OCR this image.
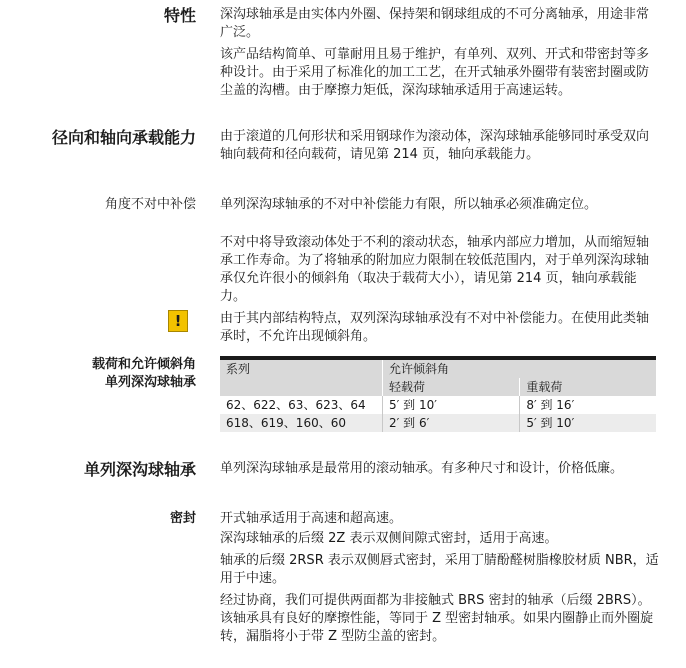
特性 深沟球轴承是由实体内外圈、保持架和钢球组成的不可分离轴承，用途非常广泛。

该产品结构简单、可靠耐用且易于维护，有单列、双列、开式和带密封等多种设计。由于采用了标准化的加工工艺，在开式轴承外圈带有装密封圈或防尘盖的沟槽。由于摩擦力矩低，深沟球轴承适用于高速运转。

径向和轴向承载能力 由于滚道的几何形状和采用钢球作为滚动体，深沟球轴承能够同时承受双向轴向载荷和径向载荷，请见第 214 页，轴向承载能力。

角度不对中补偿 单列深沟球轴承的不对中补偿能力有限，所以轴承必须准确定位。

不对中将导致滚动体处于不利的滚动状态，轴承内部应力增加，从而缩短轴承工作寿命。为了将轴承的附加应力限制在较低范围内，对于单列深沟球轴承仅允许很小的倾斜角（取决于载荷大小），请见第 214 页，轴向承载能力。

!	由于其内部结构特点，双列深沟球轴承没有不对中补偿能力。在使用此类轴承时，不允许出现倾斜角。

载荷和允许倾斜角
单列深沟球轴承
系列	允许倾斜角	
	轻载荷	重载荷
62、622、63、623、64	5′ 到 10′	8′ 到 16′
618、619、160、60	2′ 到 6′	5′ 到 10′
单列深沟球轴承 单列深沟球轴承是最常用的滚动轴承。有多种尺寸和设计，价格低廉。

密封 开式轴承适用于高速和超高速。

深沟球轴承的后缀 2Z 表示双侧间隙式密封，适用于高速。

轴承的后缀 2RSR 表示双侧唇式密封，采用丁腈酚醛树脂橡胶材质 NBR，适用于中速。

经过协商，我们可提供两面都为非接触式 BRS 密封的轴承（后缀 2BRS）。该轴承具有良好的摩擦性能，等同于 Z 型密封轴承。如果内圈静止而外圈旋转，漏脂将小于带 Z 型防尘盖的密封。
